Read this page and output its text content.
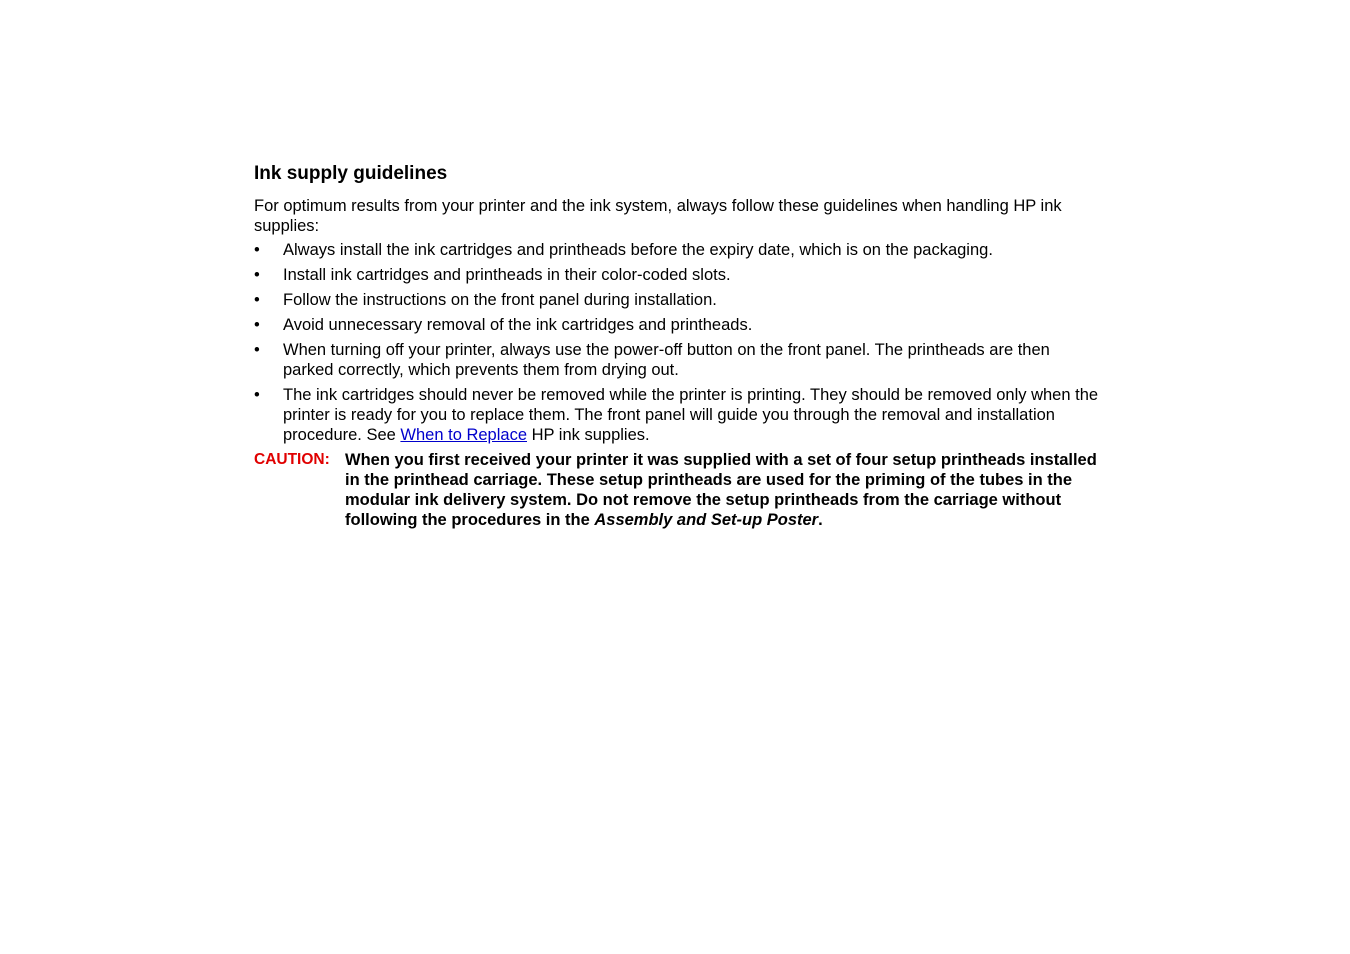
Ink supply guidelines

For optimum results from your printer and the ink system, always follow these guidelines when handling HP ink supplies:

•	Always install the ink cartridges and printheads before the expiry date, which is on the packaging.
•	Install ink cartridges and printheads in their color-coded slots.
•	Follow the instructions on the front panel during installation.
•	Avoid unnecessary removal of the ink cartridges and printheads.
•	When turning off your printer, always use the power-off button on the front panel. The printheads are then parked correctly, which prevents them from drying out.
•	The ink cartridges should never be removed while the printer is printing. They should be removed only when the printer is ready for you to replace them. The front panel will guide you through the removal and installation procedure. See When to Replace HP ink supplies.
CAUTION: When you first received your printer it was supplied with a set of four setup printheads installed in the printhead carriage. These setup printheads are used for the priming of the tubes in the modular ink delivery system. Do not remove the setup printheads from the carriage without following the procedures in the Assembly and Set-up Poster.
